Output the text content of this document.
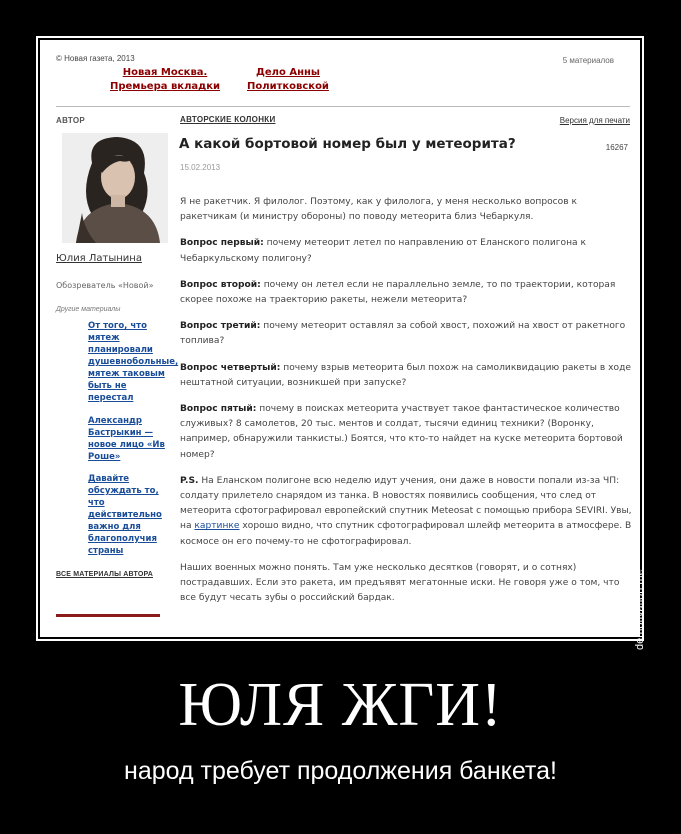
© Новая газета, 2013	5 материалов
Новая Москва.
Премьера вкладки
Дело Анны
Политковской
АВТОР
Юлия Латынина
Обозреватель «Новой»
Другие материалы
От того, что
мятеж
планировали
душевнобольные,
мятеж таковым
быть не
перестал
Александр
Бастрыкин —
новое лицо «Ив
Роше»
Давайте
обсуждать то,
что
действительно
важно для
благополучия
страны
ВСЕ МАТЕРИАЛЫ АВТОРА
АВТОРСКИЕ КОЛОНКИ	Версия для печати
А какой бортовой номер был у метеорита?	16267
15.02.2013

Я не ракетчик. Я филолог. Поэтому, как у филолога, у меня несколько вопросов к ракетчикам (и министру обороны) по поводу метеорита близ Чебаркуля.

Вопрос первый: почему метеорит летел по направлению от Еланского полигона к Чебаркульскому полигону?

Вопрос второй: почему он летел если не параллельно земле, то по траектории, которая скорее похоже на траекторию ракеты, нежели метеорита?

Вопрос третий: почему метеорит оставлял за собой хвост, похожий на хвост от ракетного топлива?

Вопрос четвертый: почему взрыв метеорита был похож на самоликвидацию ракеты в ходе нештатной ситуации, возникшей при запуске?

Вопрос пятый: почему в поисках метеорита участвует такое фантастическое количество служивых? 8 самолетов, 20 тыс. ментов и солдат, тысячи единиц техники? (Воронку, например, обнаружили танкисты.) Боятся, что кто-то найдет на куске метеорита бортовой номер?

P.S. На Еланском полигоне всю неделю идут учения, они даже в новости попали из-за ЧП: солдату прилетело снарядом из танка. В новостях появились сообщения, что след от метеорита сфотографировал европейский спутник Meteosat с помощью прибора SEVIRI. Увы, на картинке хорошо видно, что спутник сфотографировал шлейф метеорита в атмосфере. В космосе он его почему-то не сфотографировал.

Наших военных можно понять. Там уже несколько десятков (говорят, и о сотнях) пострадавших. Если это ракета, им предъявят мегатонные иски. Не говоря уже о том, что все будут чесать зубы о российский бардак.	demotivation.me
ЮЛЯ ЖГИ!
народ требует продолжения банкета!
